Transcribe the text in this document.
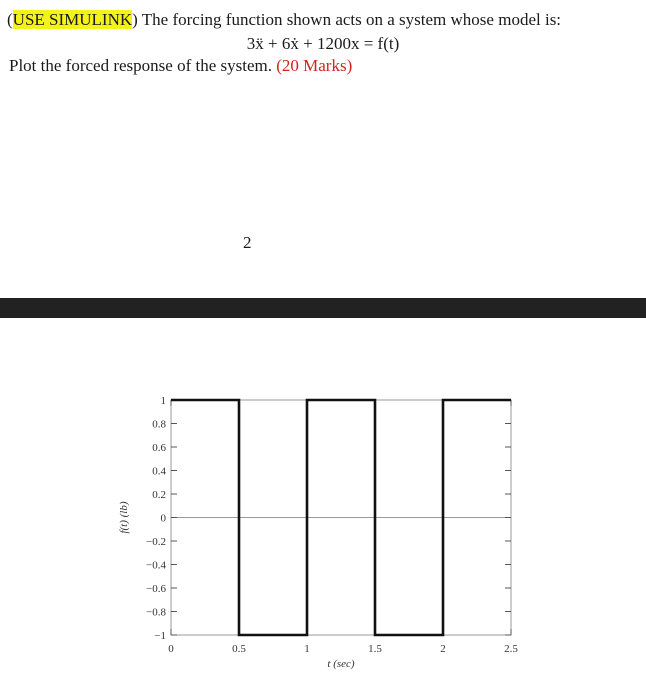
(USE SIMULINK) The forcing function shown acts on a system whose model is:
3ẍ + 6ẋ + 1200x = f(t)
Plot the forced response of the system. (20 Marks)
2
1
0.8
0.6
0.4
0.2
0
−0.2
−0.4
−0.6
−0.8
−1
0	0.5	1	1.5	2	2.5
t (sec)
f(t) (lb)
